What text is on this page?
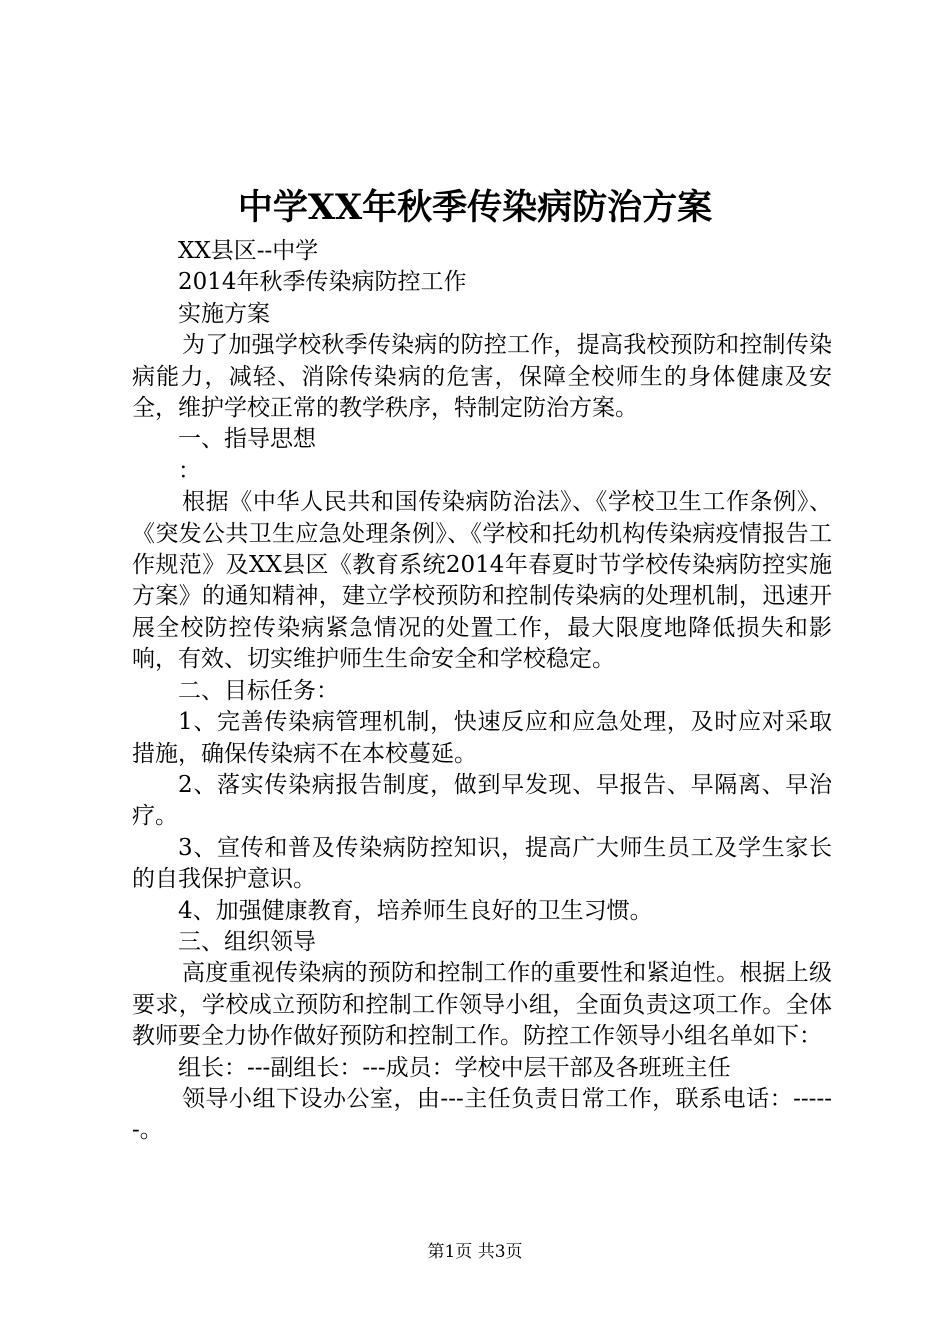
中学XX年秋季传染病防治方案

XX县区--中学

2014年秋季传染病防控工作

实施方案

为了加强学校秋季传染病的防控工作，提高我校预防和控制传染病能力，减轻、消除传染病的危害，保障全校师生的身体健康及安全，维护学校正常的教学秩序，特制定防治方案。

一、指导思想

：

根据《中华人民共和国传染病防治法》、《学校卫生工作条例》、《突发公共卫生应急处理条例》、《学校和托幼机构传染病疫情报告工作规范》及XX县区《教育系统2014年春夏时节学校传染病防控实施方案》的通知精神，建立学校预防和控制传染病的处理机制，迅速开展全校防控传染病紧急情况的处置工作，最大限度地降低损失和影响，有效、切实维护师生生命安全和学校稳定。

二、目标任务：

1、完善传染病管理机制，快速反应和应急处理，及时应对采取措施，确保传染病不在本校蔓延。

2、落实传染病报告制度，做到早发现、早报告、早隔离、早治疗。

3、宣传和普及传染病防控知识，提高广大师生员工及学生家长的自我保护意识。

4、加强健康教育，培养师生良好的卫生习惯。

三、组织领导

高度重视传染病的预防和控制工作的重要性和紧迫性。根据上级要求，学校成立预防和控制工作领导小组，全面负责这项工作。全体教师要全力协作做好预防和控制工作。防控工作领导小组名单如下：

组长：---副组长：---成员：学校中层干部及各班班主任

领导小组下设办公室，由---主任负责日常工作，联系电话：------。

第1页 共3页
